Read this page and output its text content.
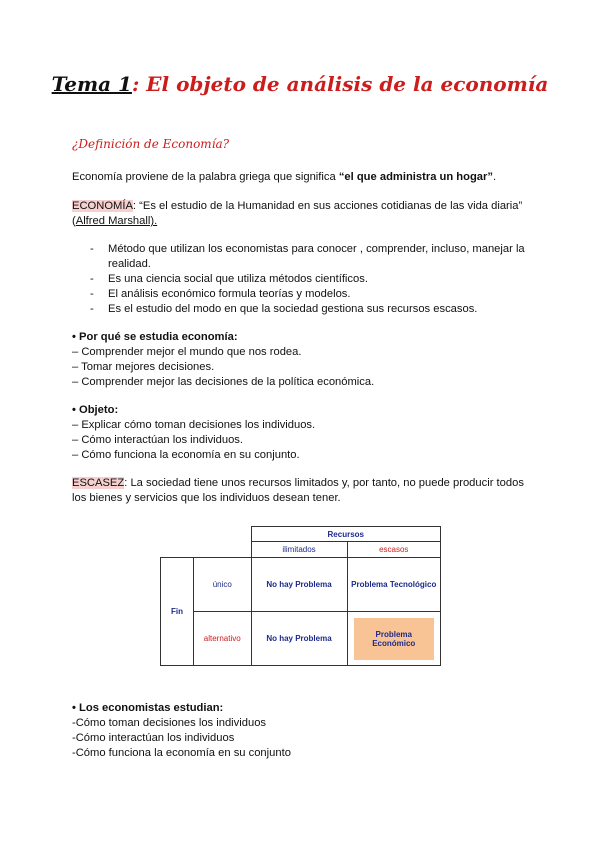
Tema 1: El objeto de análisis de la economía
¿Definición de Economía?
Economía proviene de la palabra griega que significa “el que administra un hogar”.
ECONOMÍA: “Es el estudio de la Humanidad en sus acciones cotidianas de las vida diaria” (Alfred Marshall).
- Método que utilizan los economistas para conocer , comprender, incluso, manejar la realidad.
- Es una ciencia social que utiliza métodos científicos.
- El análisis económico formula teorías y modelos.
- Es el estudio del modo en que la sociedad gestiona sus recursos escasos.
• Por qué se estudia economía:
– Comprender mejor el mundo que nos rodea.
– Tomar mejores decisiones.
– Comprender mejor las decisiones de la política económica.
• Objeto:
– Explicar cómo toman decisiones los individuos.
– Cómo interactúan los individuos.
– Cómo funciona la economía en su conjunto.
ESCASEZ: La sociedad tiene unos recursos limitados y, por tanto, no puede producir todos los bienes y servicios que los individuos desean tener.
		Recursos	
		ilimitados	escasos
Fin	único	No hay Problema	Problema Tecnológico
	alternativo	No hay Problema	Problema Económico
• Los economistas estudian:
-Cómo toman decisiones los individuos
-Cómo interactúan los individuos
-Cómo funciona la economía en su conjunto
